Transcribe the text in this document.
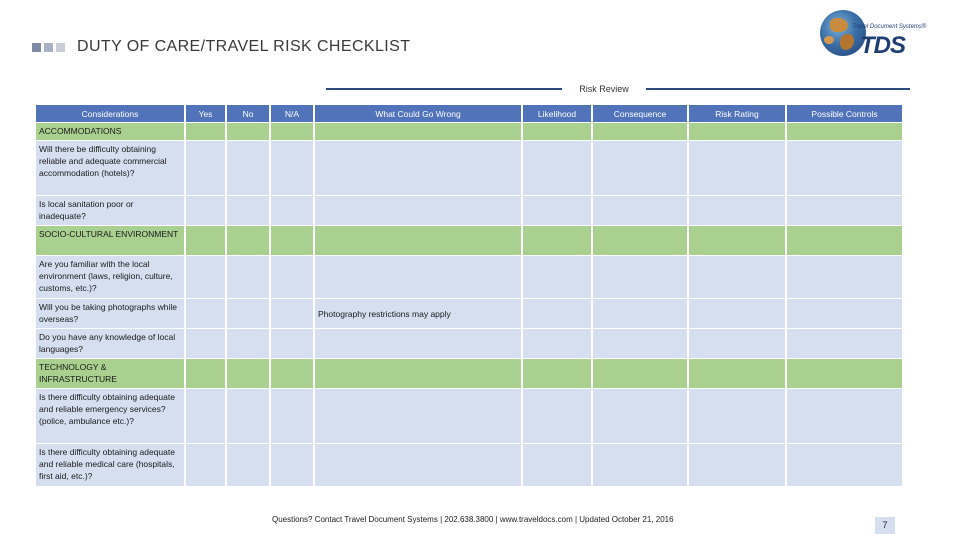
DUTY OF CARE/TRAVEL RISK CHECKLIST
Travel Document Systems®
TDS
Risk Review
Considerations	Yes	No	N/A	What Could Go Wrong	Likelihood	Consequence	Risk Rating	Possible Controls
ACCOMMODATIONS								
Will there be difficulty obtaining reliable and adequate commercial accommodation (hotels)?								
Is local sanitation poor or inadequate?								
SOCIO-CULTURAL ENVIRONMENT								
Are you familiar with the local environment (laws, religion, culture, customs, etc.)?								
Will you be taking photographs while overseas?				Photography restrictions may apply				
Do you have any knowledge of local languages?								
TECHNOLOGY & INFRASTRUCTURE								
Is there difficulty obtaining adequate and reliable emergency services? (police, ambulance etc.)?								
Is there difficulty obtaining adequate and reliable medical care (hospitals, first aid, etc.)?								
Questions? Contact Travel Document Systems | 202.638.3800 | www.traveldocs.com | Updated October 21, 2016
7
